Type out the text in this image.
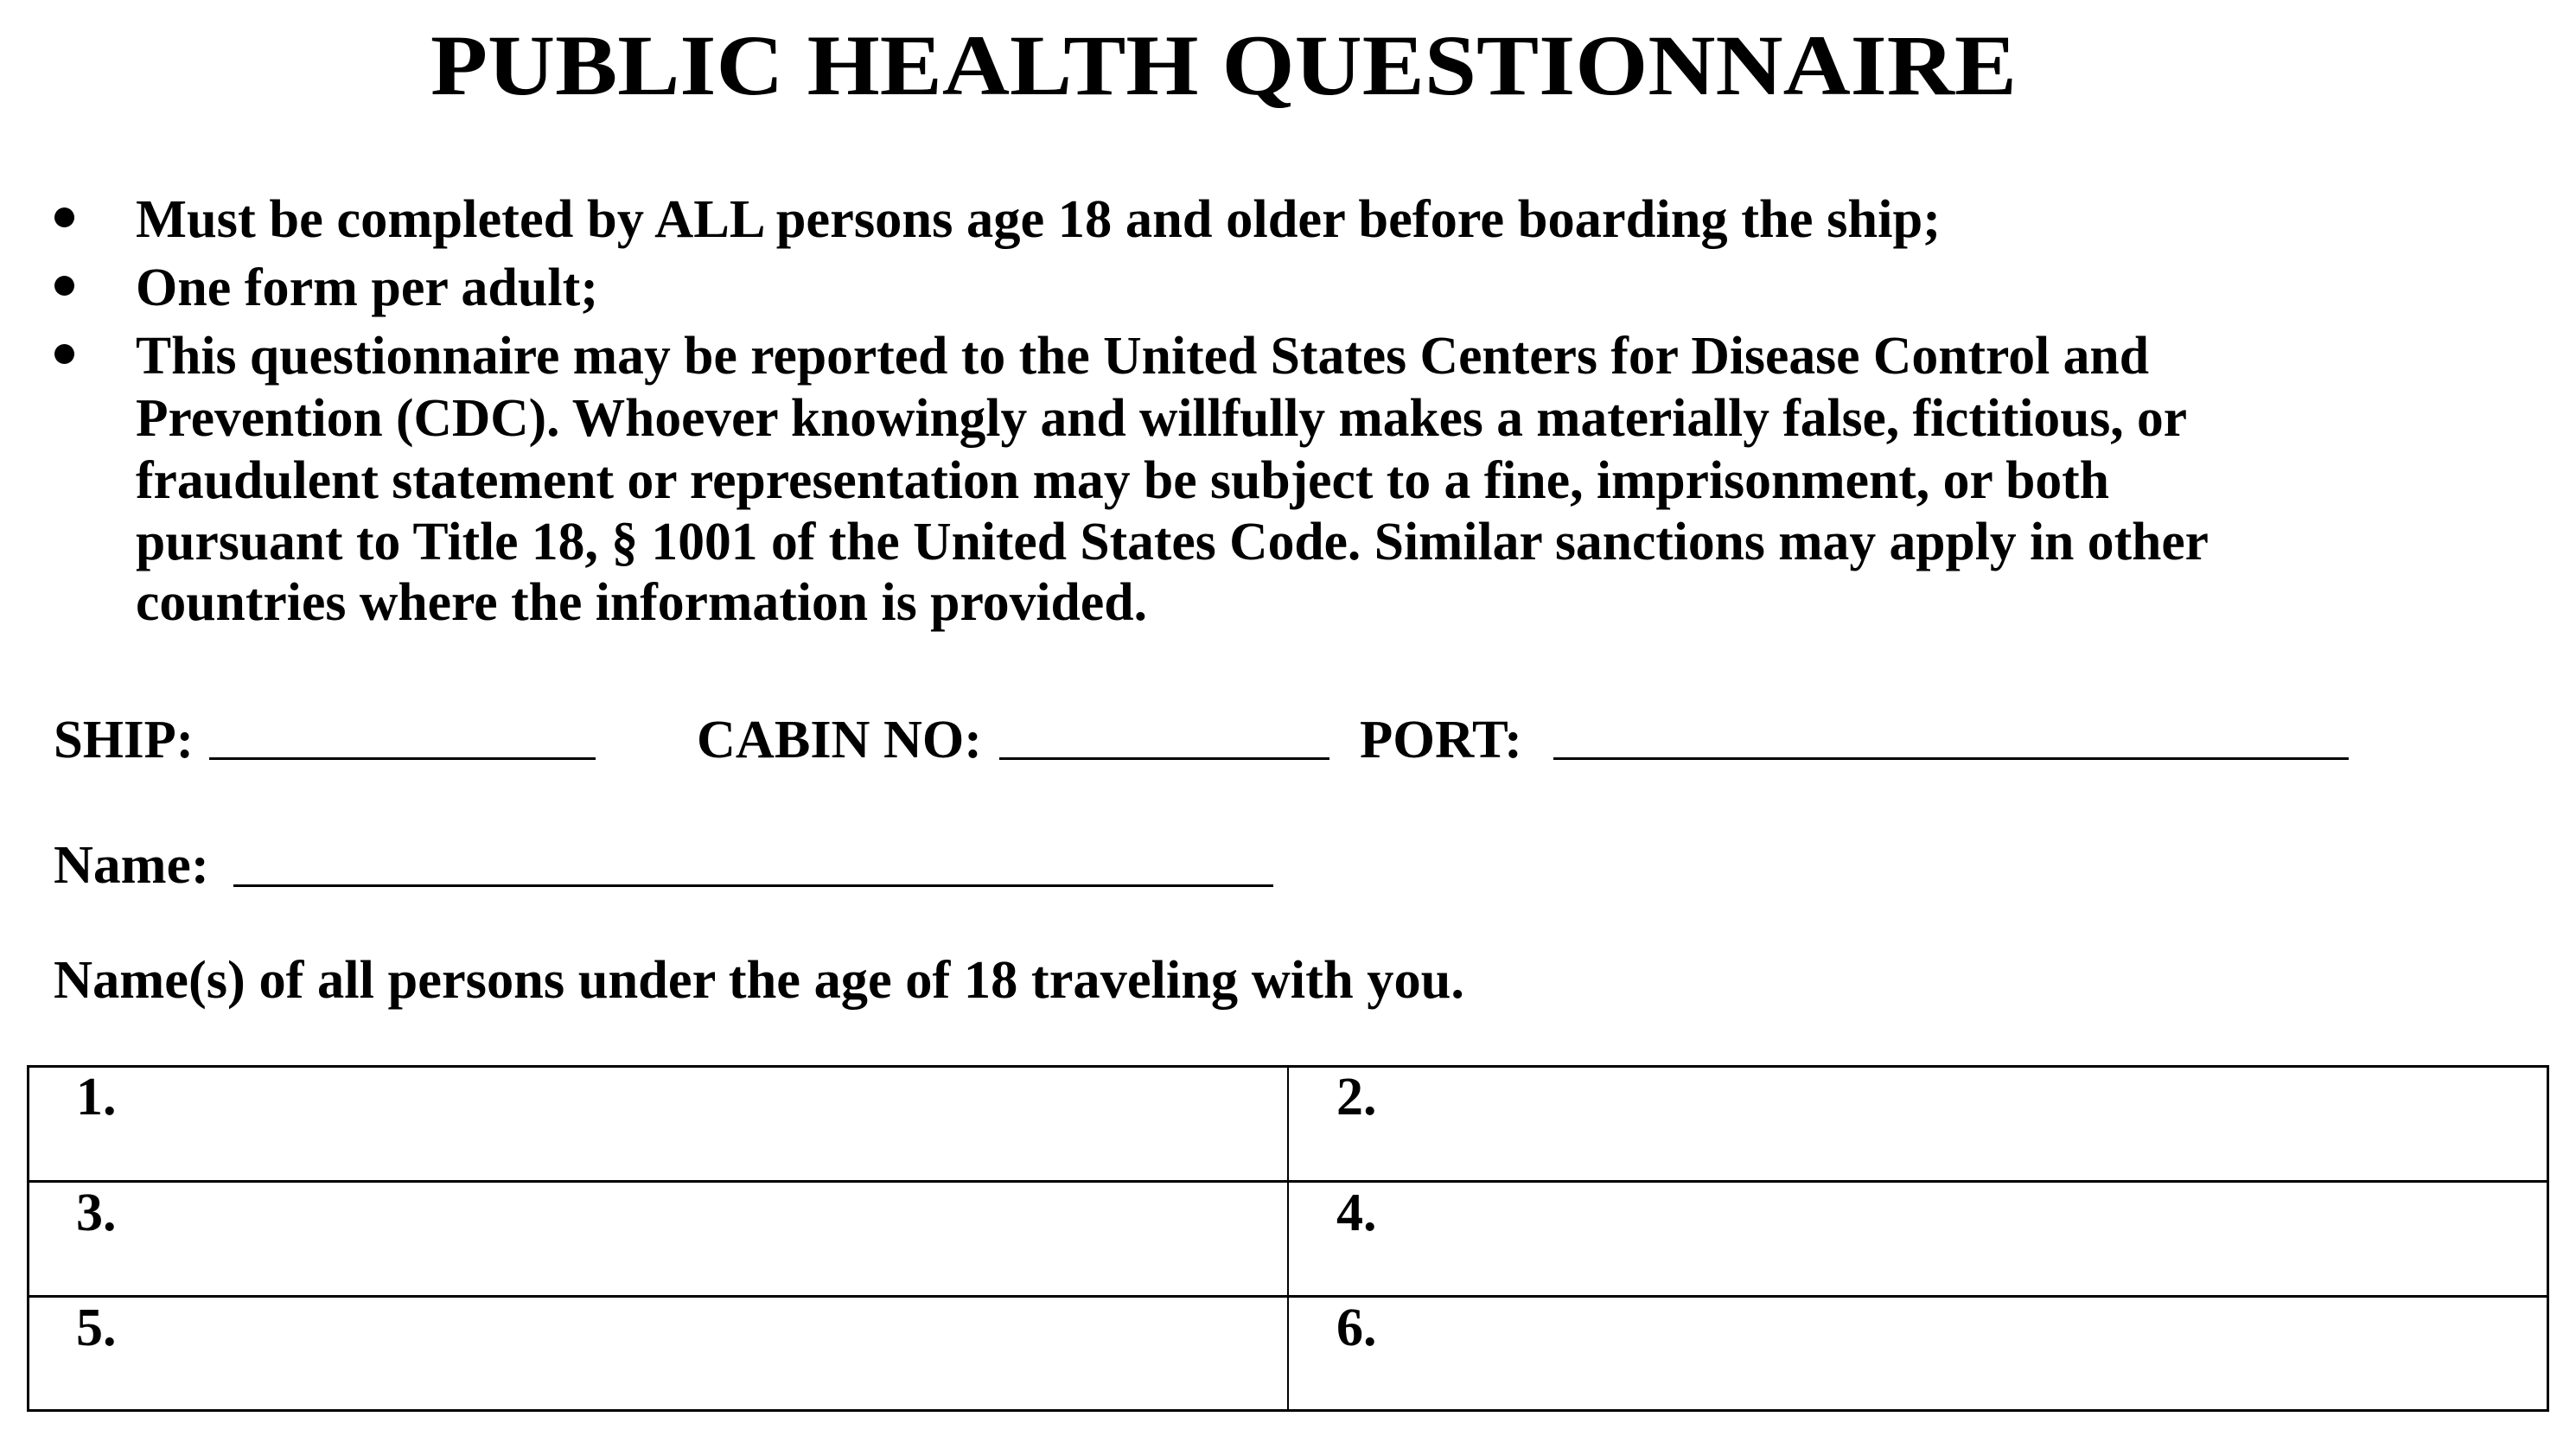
PUBLIC HEALTH QUESTIONNAIRE
Must be completed by ALL persons age 18 and older before boarding the ship;
One form per adult;
This questionnaire may be reported to the United States Centers for Disease Control and
Prevention (CDC). Whoever knowingly and willfully makes a materially false, fictitious, or
fraudulent statement or representation may be subject to a fine, imprisonment, or both
pursuant to Title 18, § 1001 of the United States Code. Similar sanctions may apply in other
countries where the information is provided.
SHIP:	CABIN NO:	PORT:
Name:
Name(s) of all persons under the age of 18 traveling with you.
1.	2.
3.	4.
5.	6.
